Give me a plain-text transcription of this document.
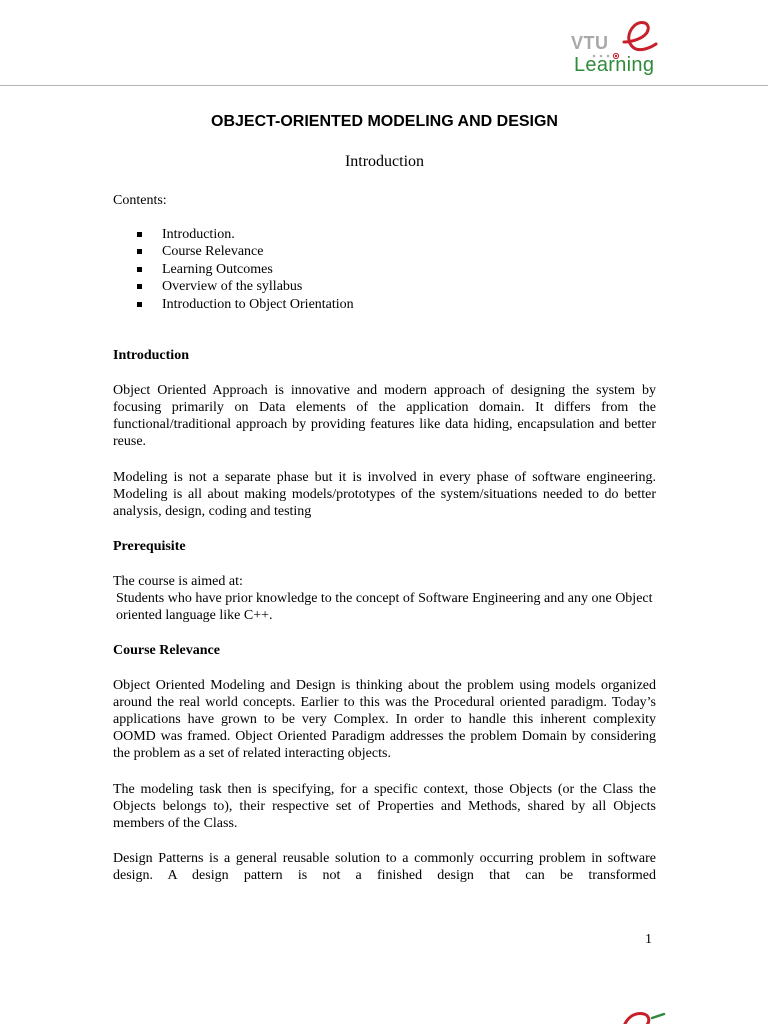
VTU
Learning
OBJECT-ORIENTED MODELING AND DESIGN
Introduction

Contents:

Introduction.
Course Relevance
Learning Outcomes
Overview of the syllabus
Introduction to Object Orientation

Introduction

Object Oriented Approach is innovative and modern approach of designing the system by focusing primarily on Data elements of the application domain. It differs from the functional/traditional approach by providing features like data hiding, encapsulation and better reuse.

Modeling is not a separate phase but it is involved in every phase of software engineering. Modeling is all about making models/prototypes of the system/situations needed to do better analysis, design, coding and testing

Prerequisite

The course is aimed at:

Students who have prior knowledge to the concept of Software Engineering and any one Object oriented language like C++.

Course Relevance

Object Oriented Modeling and Design is thinking about the problem using models organized around the real world concepts. Earlier to this was the Procedural oriented paradigm. Today’s applications have grown to be very Complex. In order to handle this inherent complexity OOMD was framed. Object Oriented Paradigm addresses the problem Domain by considering the problem as a set of related interacting objects.

The modeling task then is specifying, for a specific context, those Objects (or the Class the Objects belongs to), their respective set of Properties and Methods, shared by all Objects members of the Class.

Design Patterns is a general reusable solution to a commonly occurring problem in software design. A design pattern is not a finished design that can be transformed

1
